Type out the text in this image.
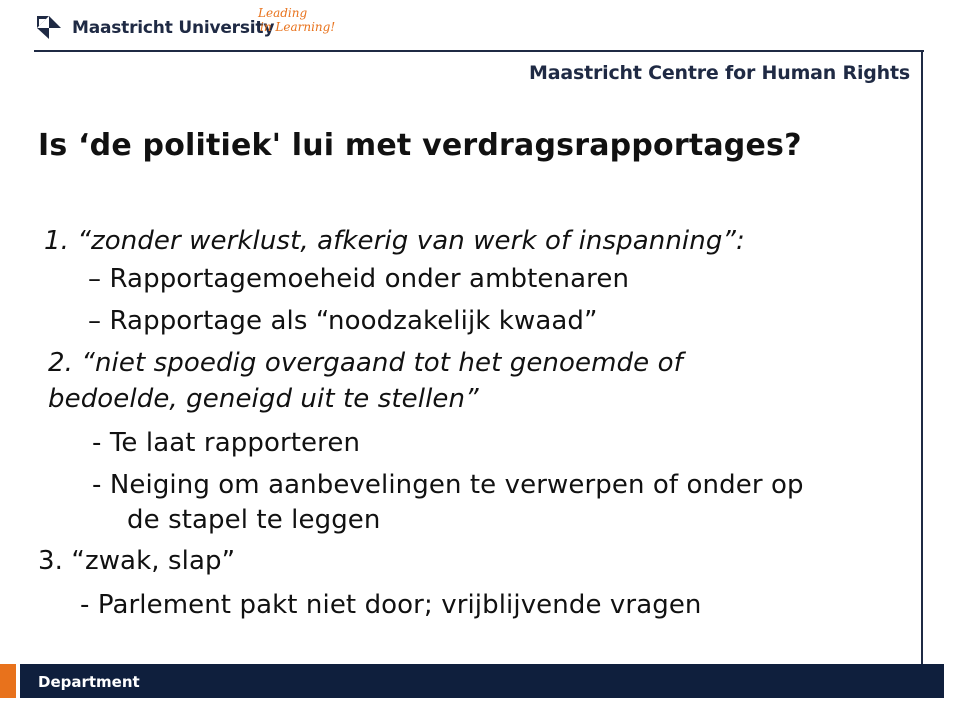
Maastricht University
Leading
in Learning!
Maastricht Centre for Human Rights
Is ‘de politiek' lui met verdragsrapportages?
1. “zonder werklust, afkerig van werk of inspanning”:
– Rapportagemoeheid onder ambtenaren
– Rapportage als “noodzakelijk kwaad”
2. “niet spoedig overgaand tot het genoemde of
bedoelde, geneigd uit te stellen”
- Te laat rapporteren
- Neiging om aanbevelingen te verwerpen of onder op
de stapel te leggen
3. “zwak, slap”
- Parlement pakt niet door; vrijblijvende vragen
Department
